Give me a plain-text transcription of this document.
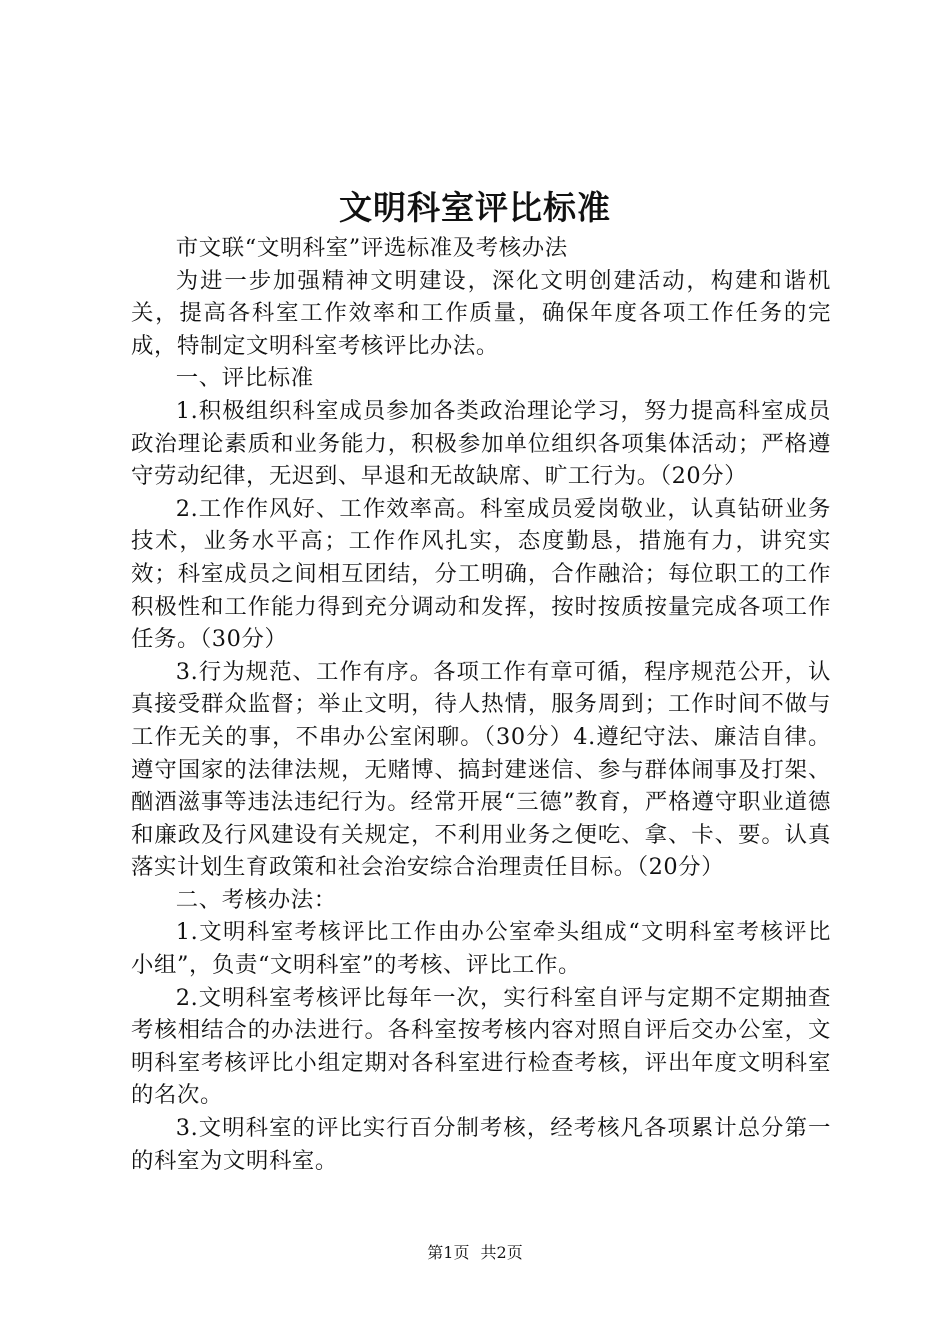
文明科室评比标准

市文联“文明科室”评选标准及考核办法

为进一步加强精神文明建设，深化文明创建活动，构建和谐机关，提高各科室工作效率和工作质量，确保年度各项工作任务的完成，特制定文明科室考核评比办法。

一、评比标准

1.积极组织科室成员参加各类政治理论学习，努力提高科室成员政治理论素质和业务能力，积极参加单位组织各项集体活动；严格遵守劳动纪律，无迟到、早退和无故缺席、旷工行为。（20分）

2.工作作风好、工作效率高。科室成员爱岗敬业，认真钻研业务技术，业务水平高；工作作风扎实，态度勤恳，措施有力，讲究实效；科室成员之间相互团结，分工明确，合作融洽；每位职工的工作积极性和工作能力得到充分调动和发挥，按时按质按量完成各项工作任务。（30分）

3.行为规范、工作有序。各项工作有章可循，程序规范公开，认真接受群众监督；举止文明，待人热情，服务周到；工作时间不做与工作无关的事，不串办公室闲聊。（30分）4.遵纪守法、廉洁自律。遵守国家的法律法规，无赌博、搞封建迷信、参与群体闹事及打架、酗酒滋事等违法违纪行为。经常开展“三德”教育，严格遵守职业道德和廉政及行风建设有关规定，不利用业务之便吃、拿、卡、要。认真落实计划生育政策和社会治安综合治理责任目标。（20分）

二、考核办法：

1.文明科室考核评比工作由办公室牵头组成“文明科室考核评比小组”，负责“文明科室”的考核、评比工作。

2.文明科室考核评比每年一次，实行科室自评与定期不定期抽查考核相结合的办法进行。各科室按考核内容对照自评后交办公室，文明科室考核评比小组定期对各科室进行检查考核，评出年度文明科室的名次。

3.文明科室的评比实行百分制考核，经考核凡各项累计总分第一的科室为文明科室。

第1页 共2页
